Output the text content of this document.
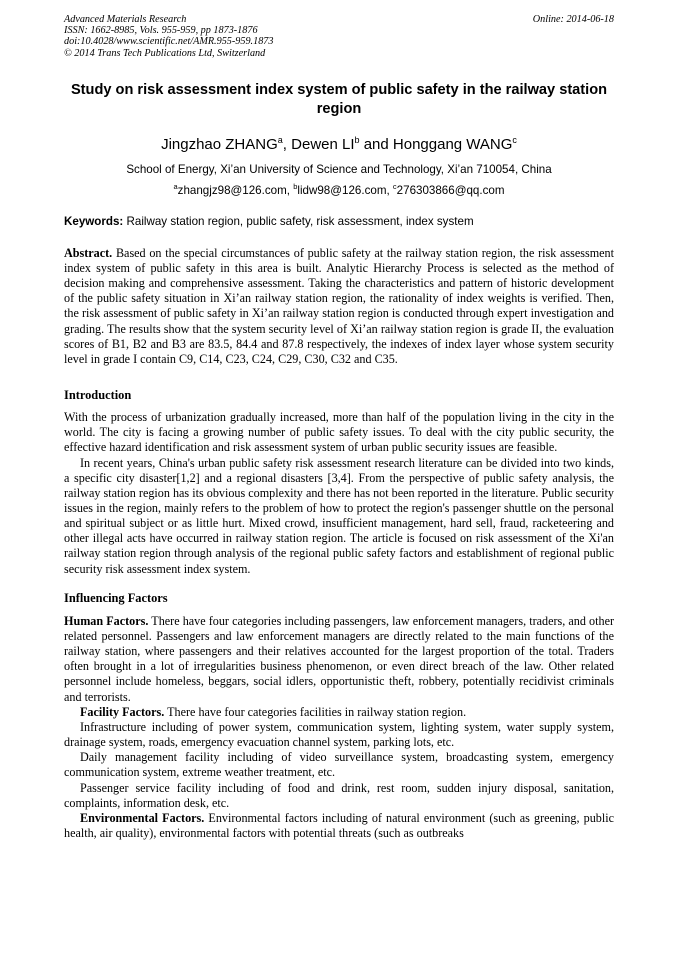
Advanced Materials Research
ISSN: 1662-8985, Vols. 955-959, pp 1873-1876
doi:10.4028/www.scientific.net/AMR.955-959.1873
© 2014 Trans Tech Publications Ltd, Switzerland
Online: 2014-06-18
Study on risk assessment index system of public safety in the railway station region
Jingzhao ZHANG$^a$, Dewen $LI^b$ and Honggang WANG$^c$
School of Energy, Xi’an University of Science and Technology, Xi’an 710054, China
$^a$zhangjz98@126.com, $^b$lidw98@126.com, $^c$276303866@qq.com
Keywords: Railway station region, public safety, risk assessment, index system

Abstract. Based on the special circumstances of public safety at the railway station region, the risk assessment index system of public safety in this area is built. Analytic Hierarchy Process is selected as the method of decision making and comprehensive assessment. Taking the characteristics and pattern of historic development of the public safety situation in Xi’an railway station region, the rationality of index weights is verified. Then, the risk assessment of public safety in Xi’an railway station region is conducted through expert investigation and grading. The results show that the system security level of Xi’an railway station region is grade II, the evaluation scores of B1, B2 and B3 are 83.5, 84.4 and 87.8 respectively, the indexes of index layer whose system security level in grade I contain C9, C14, C23, C24, C29, C30, C32 and C35.

Introduction

With the process of urbanization gradually increased, more than half of the population living in the city in the world. The city is facing a growing number of public safety issues. To deal with the city public security, the effective hazard identification and risk assessment system of urban public security issues are feasible.

In recent years, China's urban public safety risk assessment research literature can be divided into two kinds, a specific city disaster[1,2] and a regional disasters [3,4]. From the perspective of public safety analysis, the railway station region has its obvious complexity and there has not been reported in the literature. Public security issues in the region, mainly refers to the problem of how to protect the region's passenger shuttle on the personal and spiritual subject or as little hurt. Mixed crowd, insufficient management, hard sell, fraud, racketeering and other illegal acts have occurred in railway station region. The article is focused on risk assessment of the Xi'an railway station region through analysis of the regional public safety factors and establishment of regional public security risk assessment index system.

Influencing Factors

Human Factors. There have four categories including passengers, law enforcement managers, traders, and other related personnel. Passengers and law enforcement managers are directly related to the main functions of the railway station, where passengers and their relatives accounted for the largest proportion of the total. Traders often brought in a lot of irregularities business phenomenon, or even direct breach of the law. Other related personnel include homeless, beggars, social idlers, opportunistic theft, robbery, potentially recidivist criminals and terrorists.

Facility Factors. There have four categories facilities in railway station region.

Infrastructure including of power system, communication system, lighting system, water supply system, drainage system, roads, emergency evacuation channel system, parking lots, etc.

Daily management facility including of video surveillance system, broadcasting system, emergency communication system, extreme weather treatment, etc.

Passenger service facility including of food and drink, rest room, sudden injury disposal, sanitation, complaints, information desk, etc.

Environmental Factors. Environmental factors including of natural environment (such as greening, public health, air quality), environmental factors with potential threats (such as outbreaks
